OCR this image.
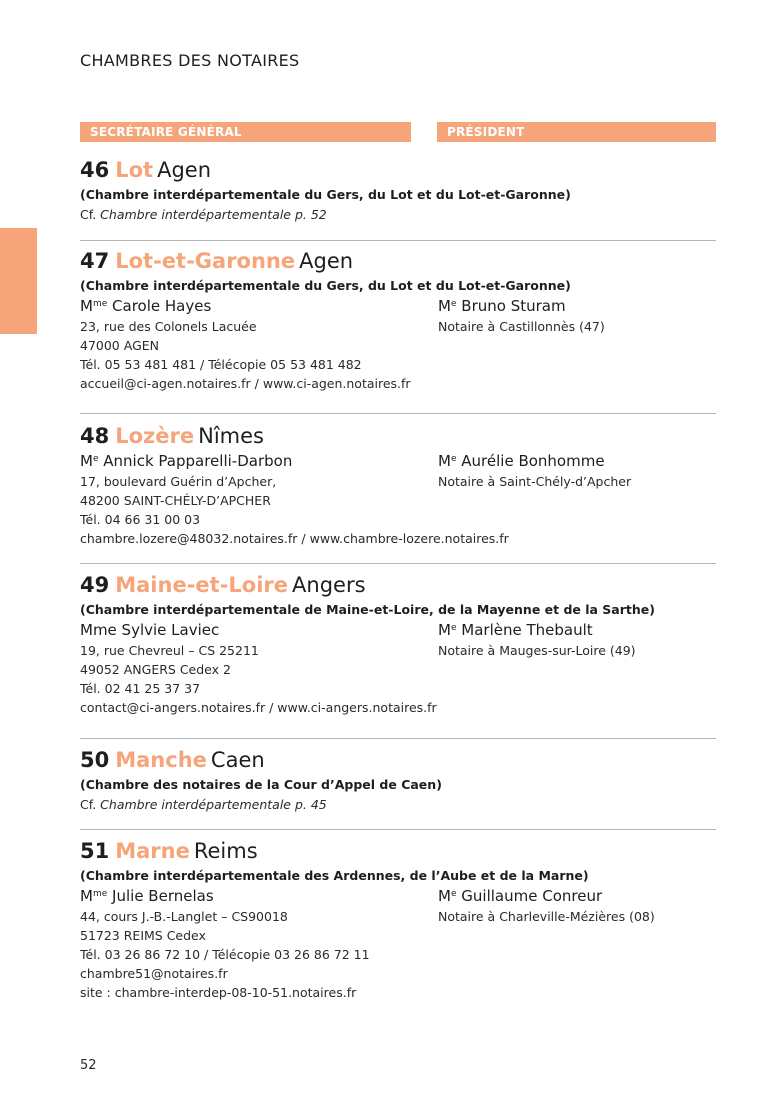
CHAMBRES DES NOTAIRES
SECRÉTAIRE GÉNÉRAL	PRÉSIDENT
46 Lot Agen
(Chambre interdépartementale du Gers, du Lot et du Lot-et-Garonne)
Cf. Chambre interdépartementale p. 52
47 Lot-et-Garonne Agen
(Chambre interdépartementale du Gers, du Lot et du Lot-et-Garonne)
$M^{me}$ Carole Hayes
23, rue des Colonels Lacuée
47000 AGEN
Tél. 05 53 481 481 / Télécopie 05 53 481 482
accueil@ci-agen.notaires.fr / www.ci-agen.notaires.fr
Me Bruno Sturam
Notaire à Castillonnès (47)
48 Lozère Nîmes
Me Annick Papparelli-Darbon
17, boulevard Guérin d’Apcher,
48200 SAINT-CHÉLY-D’APCHER
Tél. 04 66 31 00 03
chambre.lozere@48032.notaires.fr / www.chambre-lozere.notaires.fr
Me Aurélie Bonhomme
Notaire à Saint-Chély-d’Apcher
49 Maine-et-Loire Angers
(Chambre interdépartementale de Maine-et-Loire, de la Mayenne et de la Sarthe)
Mme Sylvie Laviec
19, rue Chevreul – CS 25211
49052 ANGERS Cedex 2
Tél. 02 41 25 37 37
contact@ci-angers.notaires.fr / www.ci-angers.notaires.fr
Me Marlène Thebault
Notaire à Mauges-sur-Loire (49)
50 Manche Caen
(Chambre des notaires de la Cour d’Appel de Caen)
Cf. Chambre interdépartementale p. 45
51 Marne Reims
(Chambre interdépartementale des Ardennes, de l’Aube et de la Marne)
$M^{me}$ Julie Bernelas
44, cours J.-B.-Langlet – CS90018
51723 REIMS Cedex
Tél. 03 26 86 72 10 / Télécopie 03 26 86 72 11
chambre51@notaires.fr
site : chambre-interdep-08-10-51.notaires.fr
Me Guillaume Conreur
Notaire à Charleville-Mézières (08)
52
